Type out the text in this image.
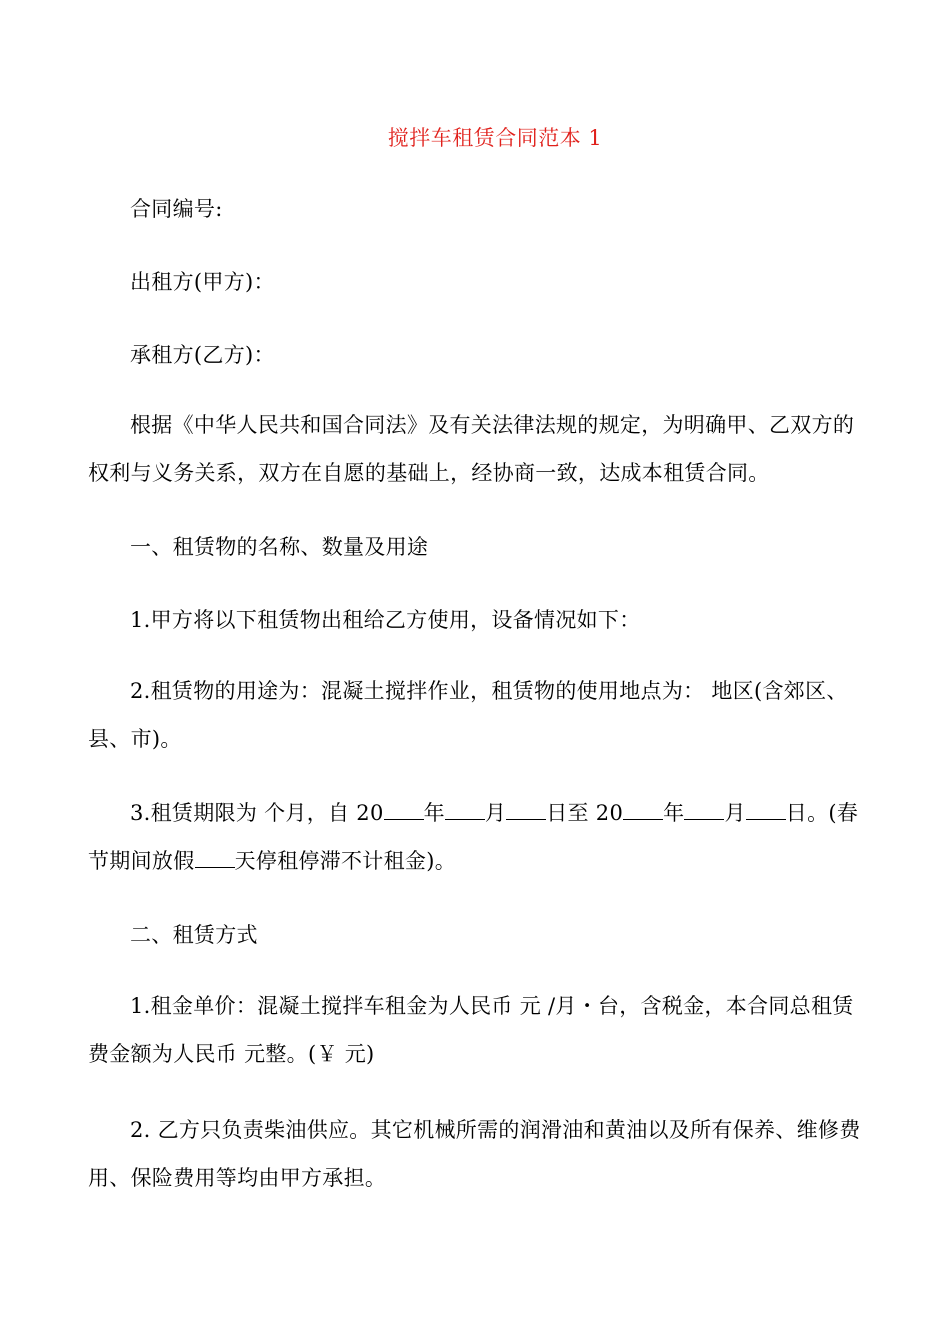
搅拌车租赁合同范本 1

合同编号:

出租方(甲方)：

承租方(乙方)：

根据《中华人民共和国合同法》及有关法律法规的规定，为明确甲、乙双方的权利与义务关系，双方在自愿的基础上，经协商一致，达成本租赁合同。

一、租赁物的名称、数量及用途

1.甲方将以下租赁物出租给乙方使用，设备情况如下：

2.租赁物的用途为：混凝土搅拌作业，租赁物的使用地点为： 地区(含郊区、县、市)。

3.租赁期限为 个月，自 20 年 月 日至 20 年 月 日。(春节期间放假 天停租停滞不计租金)。

二、租赁方式

1.租金单价：混凝土搅拌车租金为人民币 元 /月・台，含税金，本合同总租赁费金额为人民币 元整。(￥ 元)

2. 乙方只负责柴油供应。其它机械所需的润滑油和黄油以及所有保养、维修费用、保险费用等均由甲方承担。
